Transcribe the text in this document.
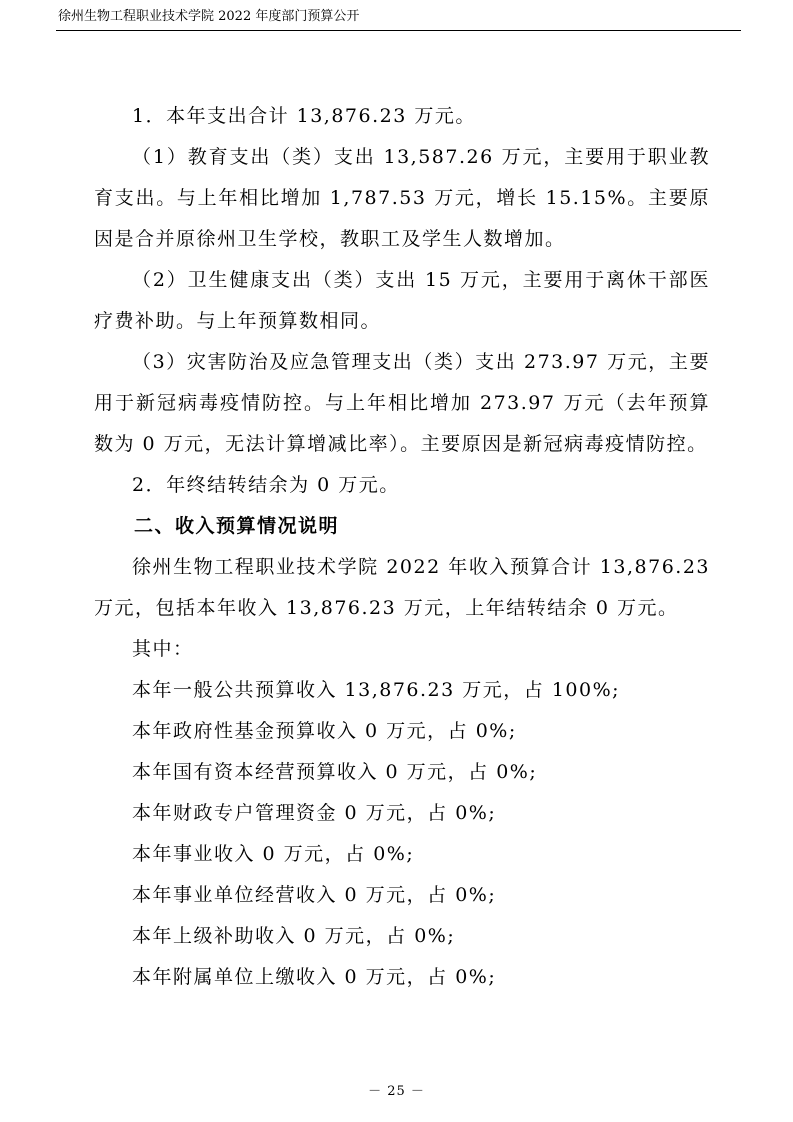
徐州生物工程职业技术学院 2022 年度部门预算公开

1．本年支出合计 13,876.23 万元。

（1）教育支出（类）支出 13,587.26 万元，主要用于职业教育支出。与上年相比增加 1,787.53 万元，增长 15.15%。主要原因是合并原徐州卫生学校，教职工及学生人数增加。

（2）卫生健康支出（类）支出 15 万元，主要用于离休干部医疗费补助。与上年预算数相同。

（3）灾害防治及应急管理支出（类）支出 273.97 万元，主要用于新冠病毒疫情防控。与上年相比增加 273.97 万元（去年预算数为 0 万元，无法计算增减比率）。主要原因是新冠病毒疫情防控。

2．年终结转结余为 0 万元。

二、收入预算情况说明

徐州生物工程职业技术学院 2022 年收入预算合计 13,876.23 万元，包括本年收入 13,876.23 万元，上年结转结余 0 万元。

其中：

本年一般公共预算收入 13,876.23 万元，占 100%;

本年政府性基金预算收入 0 万元，占 0%;

本年国有资本经营预算收入 0 万元，占 0%;

本年财政专户管理资金 0 万元，占 0%;

本年事业收入 0 万元，占 0%;

本年事业单位经营收入 0 万元，占 0%;

本年上级补助收入 0 万元，占 0%;

本年附属单位上缴收入 0 万元，占 0%;

－ 25 －
